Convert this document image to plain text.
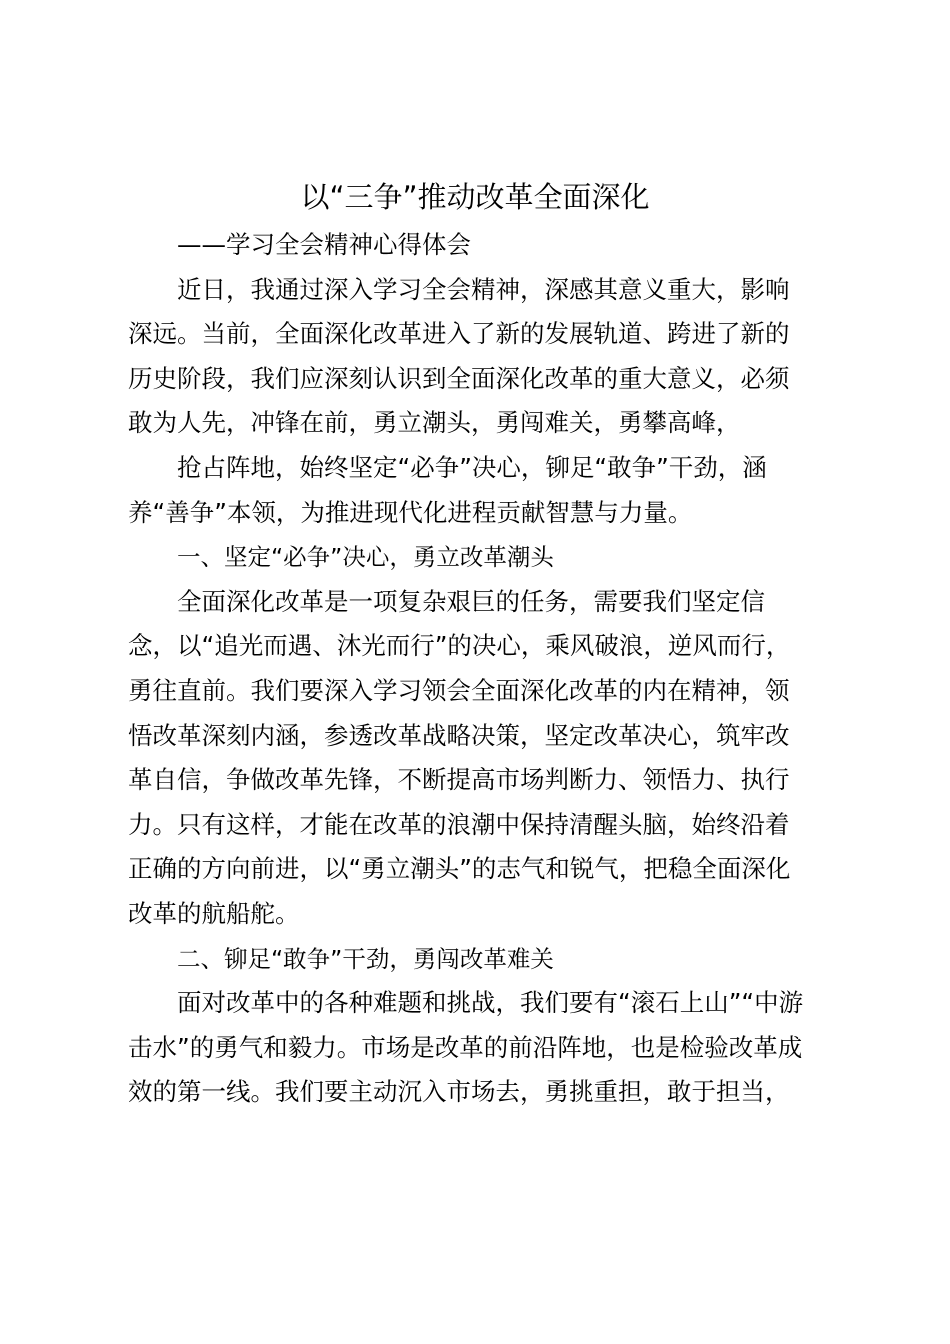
以“三争”推动改革全面深化
——学习全会精神心得体会
近日，我通过深入学习全会精神，深感其意义重大，影响
深远。当前，全面深化改革进入了新的发展轨道、跨进了新的
历史阶段，我们应深刻认识到全面深化改革的重大意义，必须
敢为人先，冲锋在前，勇立潮头，勇闯难关，勇攀高峰，
抢占阵地，始终坚定“必争”决心，铆足“敢争”干劲，涵
养“善争”本领，为推进现代化进程贡献智慧与力量。
一、坚定“必争”决心，勇立改革潮头
全面深化改革是一项复杂艰巨的任务，需要我们坚定信
念，以“追光而遇、沐光而行”的决心，乘风破浪，逆风而行，
勇往直前。我们要深入学习领会全面深化改革的内在精神，领
悟改革深刻内涵，参透改革战略决策，坚定改革决心，筑牢改
革自信，争做改革先锋，不断提高市场判断力、领悟力、执行
力。只有这样，才能在改革的浪潮中保持清醒头脑，始终沿着
正确的方向前进，以“勇立潮头”的志气和锐气，把稳全面深化
改革的航船舵。
二、铆足“敢争”干劲，勇闯改革难关
面对改革中的各种难题和挑战，我们要有“滚石上山”“中游
击水”的勇气和毅力。市场是改革的前沿阵地，也是检验改革成
效的第一线。我们要主动沉入市场去，勇挑重担，敢于担当，
